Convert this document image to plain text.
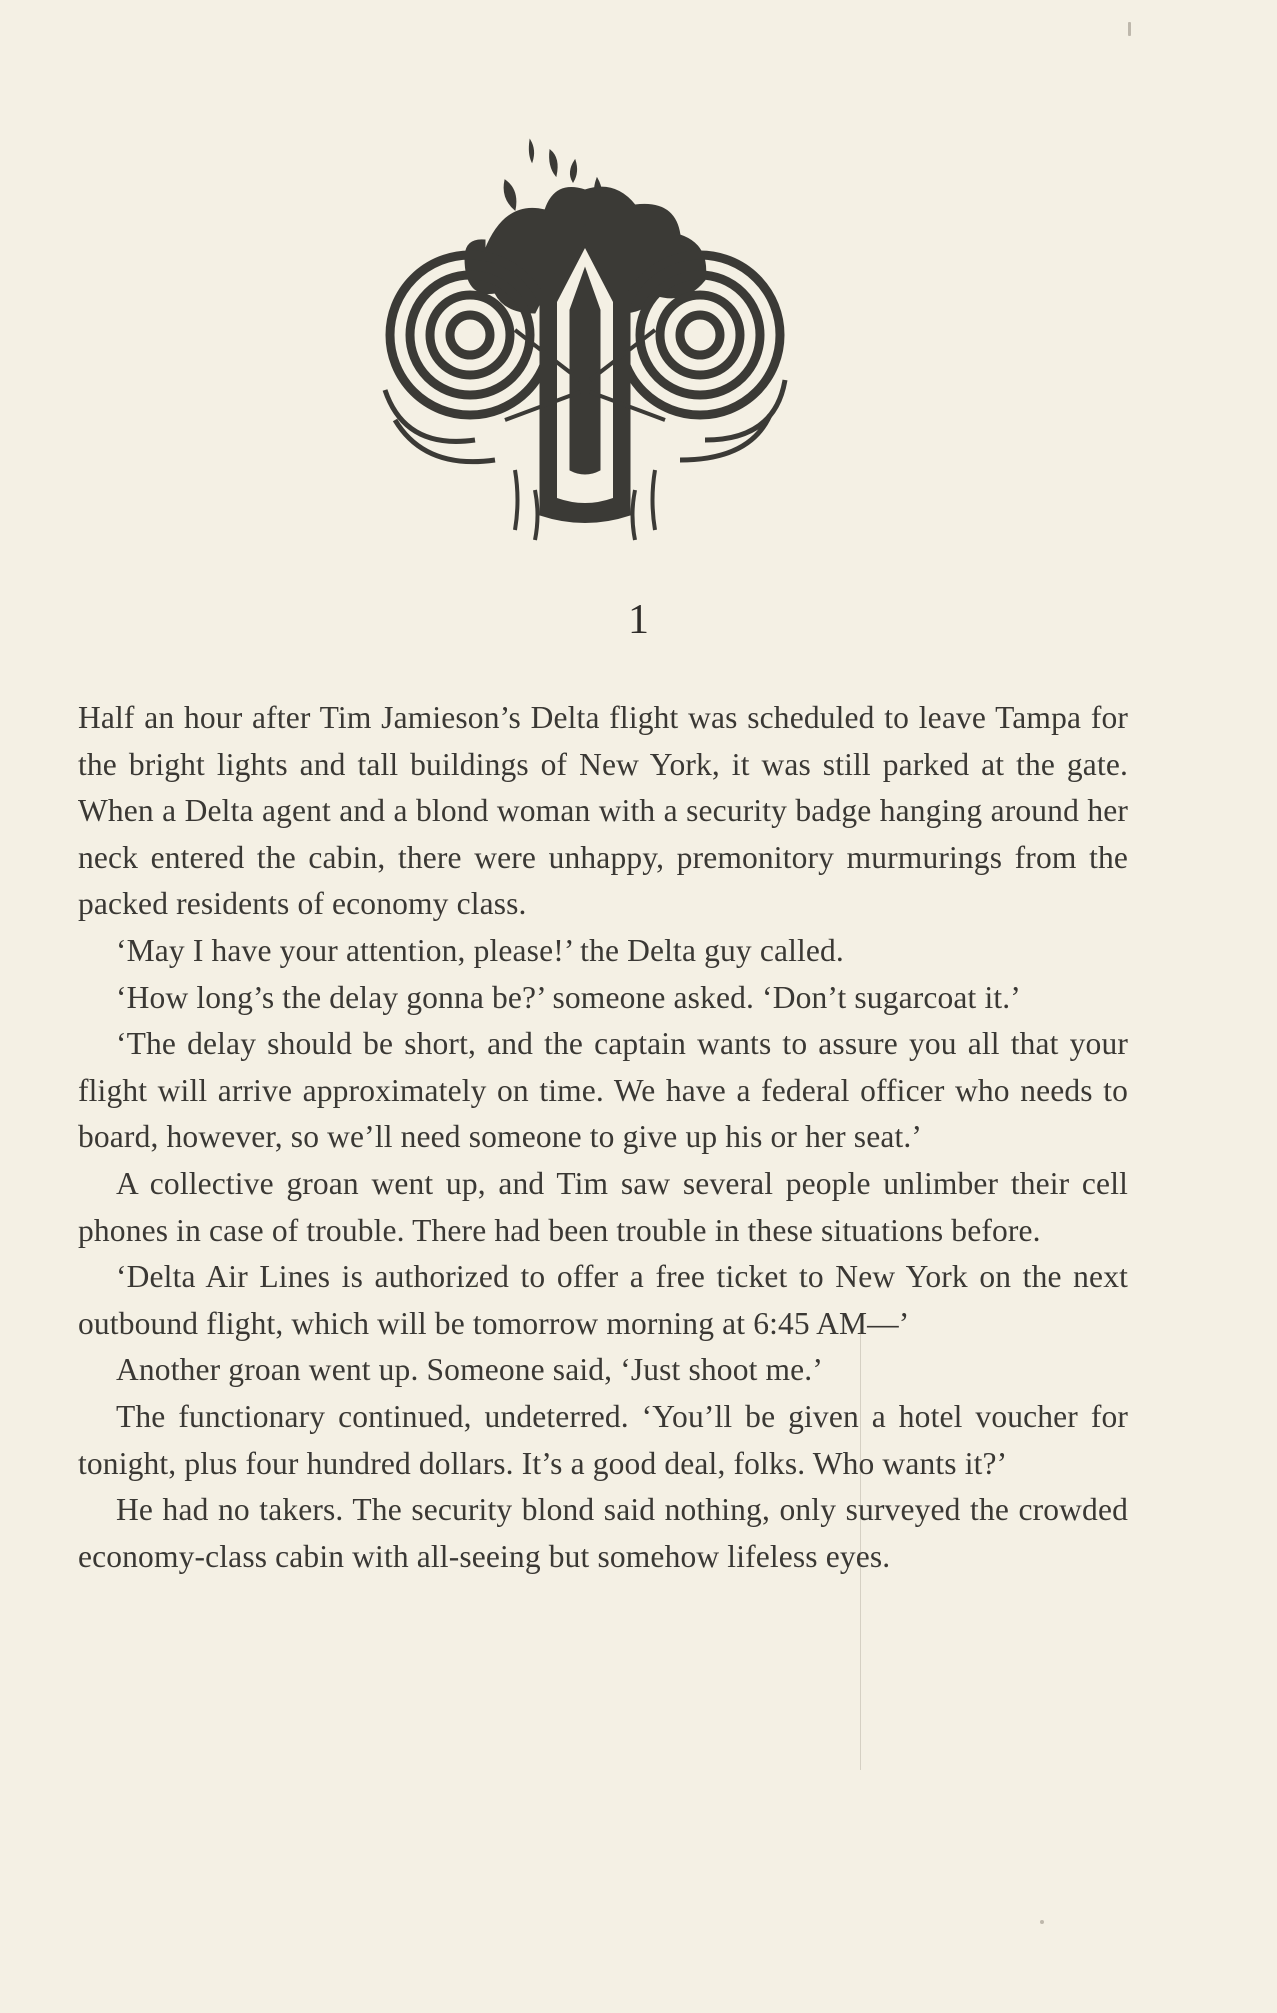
1

Half an hour after Tim Jamieson’s Delta flight was scheduled to leave Tampa for the bright lights and tall buildings of New York, it was still parked at the gate. When a Delta agent and a blond woman with a security badge hanging around her neck entered the cabin, there were unhappy, premonitory murmurings from the packed residents of economy class.

‘May I have your attention, please!’ the Delta guy called.

‘How long’s the delay gonna be?’ someone asked. ‘Don’t sugarcoat it.’

‘The delay should be short, and the captain wants to assure you all that your flight will arrive approximately on time. We have a federal officer who needs to board, however, so we’ll need someone to give up his or her seat.’

A collective groan went up, and Tim saw several people unlimber their cell phones in case of trouble. There had been trouble in these situations before.

‘Delta Air Lines is authorized to offer a free ticket to New York on the next outbound flight, which will be tomorrow morning at 6:45 AM—’

Another groan went up. Someone said, ‘Just shoot me.’

The functionary continued, undeterred. ‘You’ll be given a hotel voucher for tonight, plus four hundred dollars. It’s a good deal, folks. Who wants it?’

He had no takers. The security blond said nothing, only surveyed the crowded economy-class cabin with all-seeing but somehow lifeless eyes.
